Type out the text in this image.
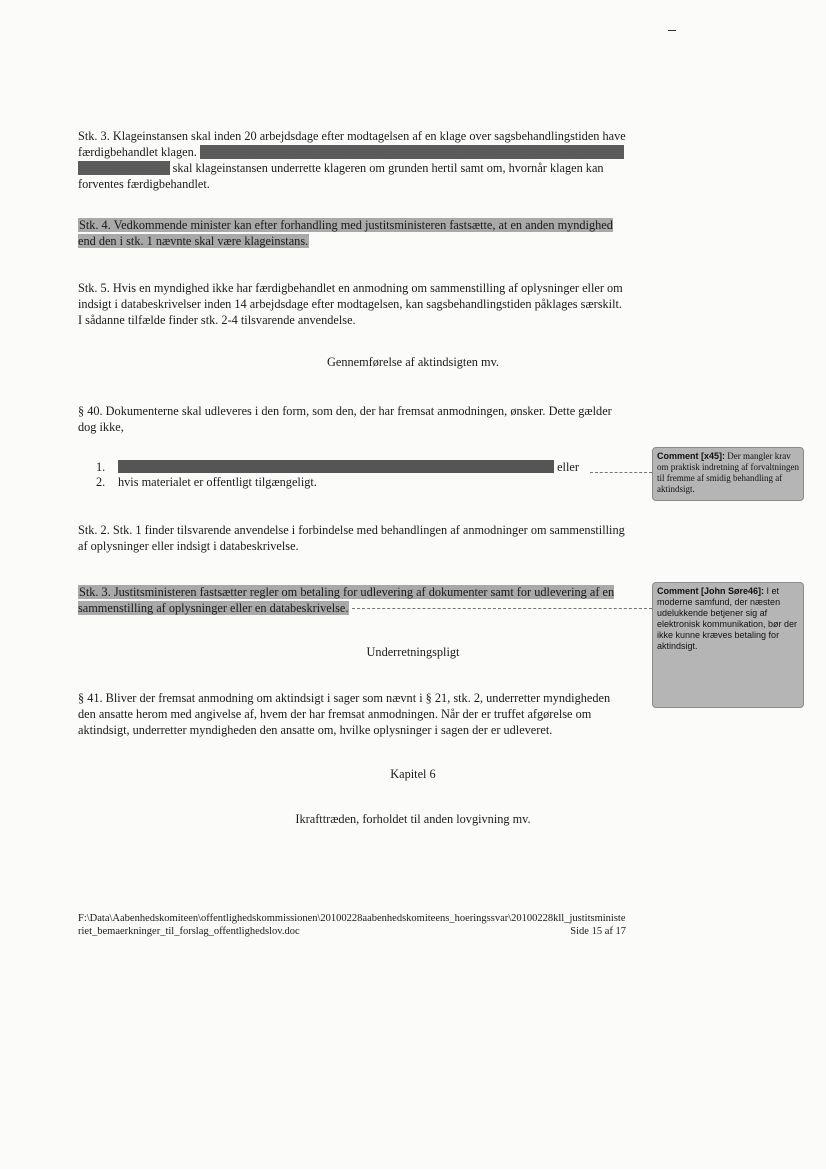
Stk. 3. Klageinstansen skal inden 20 arbejdsdage efter modtagelsen af en klage over sagsbehandlingstiden have færdigbehandlet klagen. Hvis en klage ikke kan færdigbehandles inden denne frist som følge af sagens omfang eller kompleksitet, skal klageinstansen underrette klageren om grunden hertil samt om, hvornår klagen kan forventes færdigbehandlet.

Stk. 4. Vedkommende minister kan efter forhandling med justitsministeren fastsætte, at en anden myndighed end den i stk. 1 nævnte skal være klageinstans.

Stk. 5. Hvis en myndighed ikke har færdigbehandlet en anmodning om sammenstilling af oplysninger eller om indsigt i databeskrivelser inden 14 arbejdsdage efter modtagelsen, kan sagsbehandlingstiden påklages særskilt. I sådanne tilfælde finder stk. 2-4 tilsvarende anvendelse.

Gennemførelse af aktindsigten mv.

§ 40. Dokumenterne skal udleveres i den form, som den, der har fremsat anmodningen, ønsker. Dette gælder dog ikke,

1.	eller
2.	hvis materialet er offentligt tilgængeligt.

Stk. 2. Stk. 1 finder tilsvarende anvendelse i forbindelse med behandlingen af anmodninger om sammenstilling af oplysninger eller indsigt i databeskrivelse.

Stk. 3. Justitsministeren fastsætter regler om betaling for udlevering af dokumenter samt for udlevering af en sammenstilling af oplysninger eller en databeskrivelse.

Underretningspligt

§ 41. Bliver der fremsat anmodning om aktindsigt i sager som nævnt i § 21, stk. 2, underretter myndigheden den ansatte herom med angivelse af, hvem der har fremsat anmodningen. Når der er truffet afgørelse om aktindsigt, underretter myndigheden den ansatte om, hvilke oplysninger i sagen der er udleveret.

Kapitel 6

Ikrafttræden, forholdet til anden lovgivning mv.

Comment [x45]: Der mangler krav om praktisk indretning af forvaltningen til fremme af smidig behandling af aktindsigt.
Comment [John Søre46]: I et moderne samfund, der næsten udelukkende betjener sig af elektronisk kommunikation, bør der ikke kunne kræves betaling for aktindsigt.
F:\Data\Aabenhedskomiteen\offentlighedskommissionen\20100228aabenhedskomiteens_hoeringssvar\20100228kll_justitsministeriet_bemaerkninger_til_forslag_offentlighedslov.doc	Side 15 af 17
